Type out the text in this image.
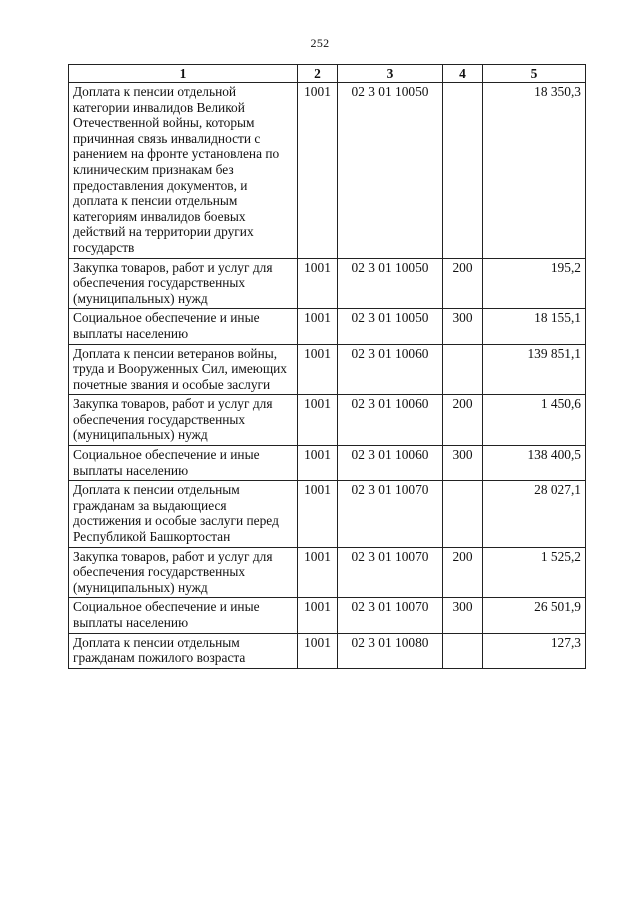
252
1	2	3	4	5
Доплата к пенсии отдельной категории инвалидов Великой Отечественной войны, которым причинная связь инвалидности с ранением на фронте установлена по клиническим признакам без предоставления документов, и доплата к пенсии отдельным категориям инвалидов боевых действий на территории других государств	1001	02 3 01 10050		18 350,3
Закупка товаров, работ и услуг для обеспечения государственных (муниципальных) нужд	1001	02 3 01 10050	200	195,2
Социальное обеспечение и иные выплаты населению	1001	02 3 01 10050	300	18 155,1
Доплата к пенсии ветеранов войны, труда и Вооруженных Сил, имеющих почетные звания и особые заслуги	1001	02 3 01 10060		139 851,1
Закупка товаров, работ и услуг для обеспечения государственных (муниципальных) нужд	1001	02 3 01 10060	200	1 450,6
Социальное обеспечение и иные выплаты населению	1001	02 3 01 10060	300	138 400,5
Доплата к пенсии отдельным гражданам за выдающиеся достижения и особые заслуги перед Республикой Башкортостан	1001	02 3 01 10070		28 027,1
Закупка товаров, работ и услуг для обеспечения государственных (муниципальных) нужд	1001	02 3 01 10070	200	1 525,2
Социальное обеспечение и иные выплаты населению	1001	02 3 01 10070	300	26 501,9
Доплата к пенсии отдельным гражданам пожилого возраста	1001	02 3 01 10080		127,3
